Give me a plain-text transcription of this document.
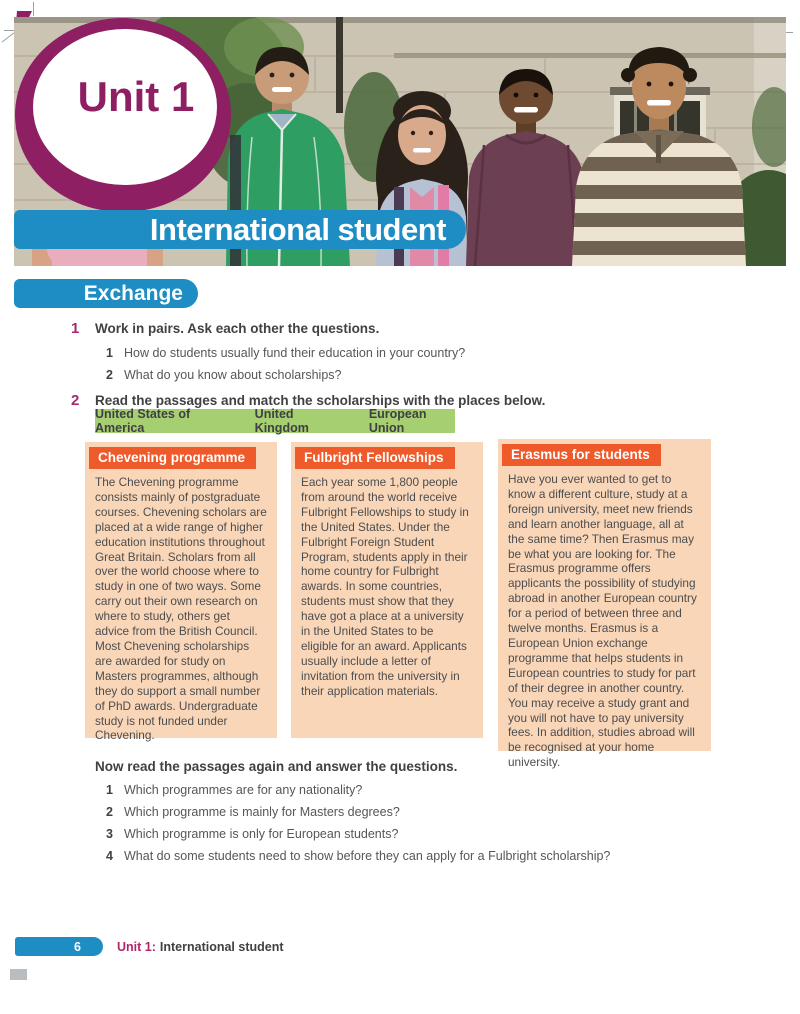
Unit 1
International student
Exchange
1	Work in pairs. Ask each other the questions.
1 How do students usually fund their education in your country?
2 What do you know about scholarships?
2	Read the passages and match the scholarships with the places below.
United States of America
United Kingdom
European Union
Chevening programme
The Chevening programme consists mainly of postgraduate courses. Chevening scholars are placed at a wide range of higher education institutions throughout Great Britain. Scholars from all over the world choose where to study in one of two ways. Some carry out their own research on where to study, others get advice from the British Council. Most Chevening scholarships are awarded for study on Masters programmes, although they do support a small number of PhD awards. Undergraduate study is not funded under Chevening.
Fulbright Fellowships
Each year some 1,800 people from around the world receive Fulbright Fellowships to study in the United States. Under the Fulbright Foreign Student Program, students apply in their home country for Fulbright awards. In some countries, students must show that they have got a place at a university in the United States to be eligible for an award. Applicants usually include a letter of invitation from the university in their application materials.
Erasmus for students
Have you ever wanted to get to know a different culture, study at a foreign university, meet new friends and learn another language, all at the same time? Then Erasmus may be what you are looking for. The Erasmus programme offers applicants the possibility of studying abroad in another European country for a period of between three and twelve months. Erasmus is a European Union exchange programme that helps students in European countries to study for part of their degree in another country. You may receive a study grant and you will not have to pay university fees. In addition, studies abroad will be recognised at your home university.
Now read the passages again and answer the questions.
1 Which programmes are for any nationality?
2 Which programme is mainly for Masters degrees?
3 Which programme is only for European students?
4 What do some students need to show before they can apply for a Fulbright scholarship?
6	Unit 1: International student
